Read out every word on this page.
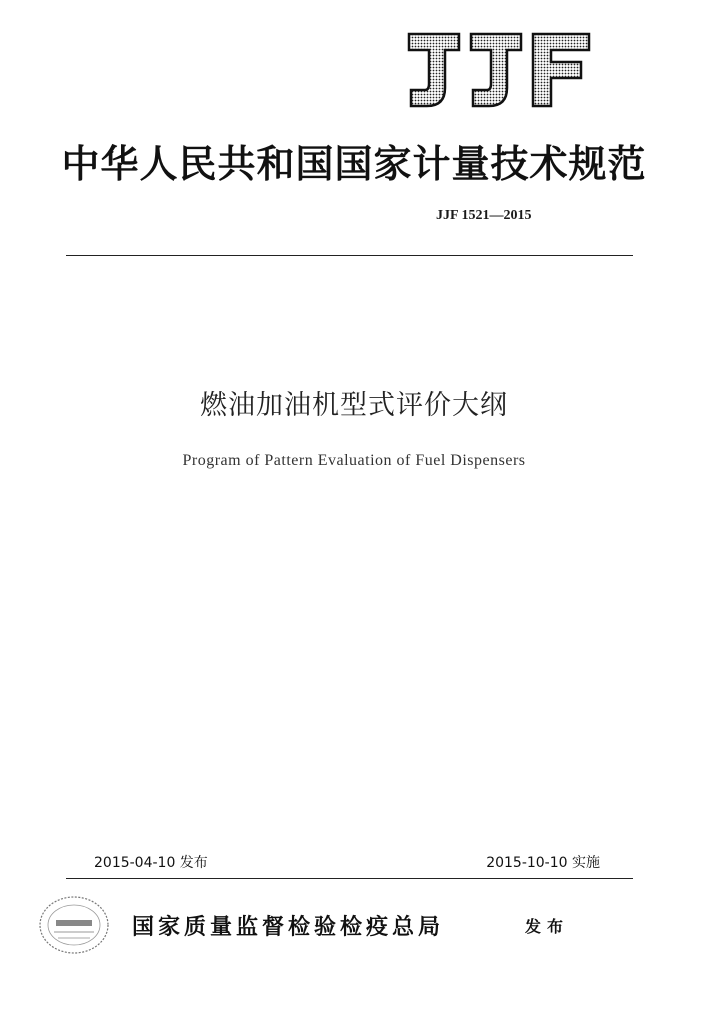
中华人民共和国国家计量技术规范
JJF 1521—2015
燃油加油机型式评价大纲
Program of Pattern Evaluation of Fuel Dispensers
2015-04-10 发布	2015-10-10 实施
国家质量监督检验检疫总局	发布
